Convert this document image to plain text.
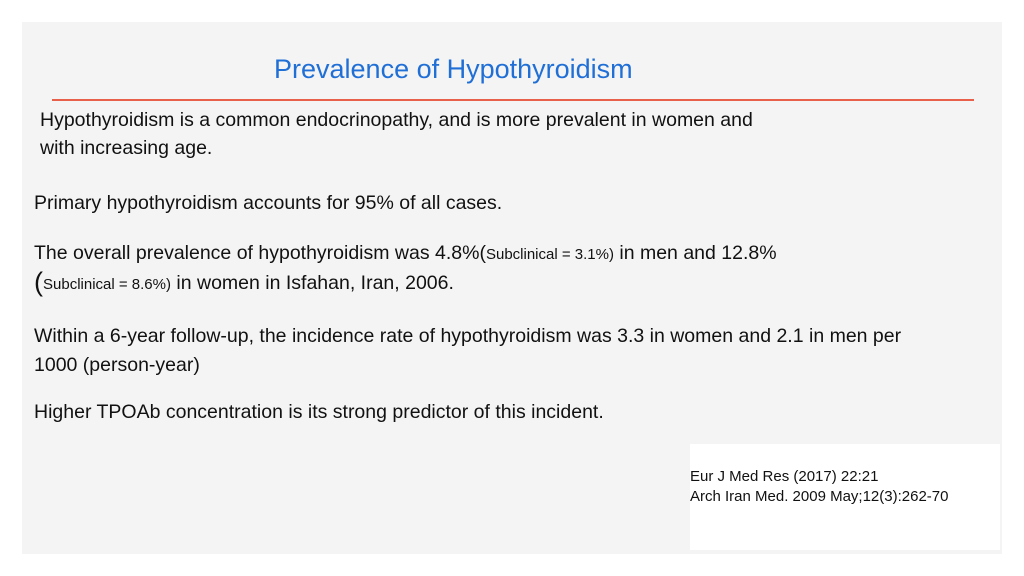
Prevalence of Hypothyroidism
Hypothyroidism is a common endocrinopathy, and is more prevalent in women and
with increasing age.
Primary hypothyroidism accounts for 95% of all cases.
The overall prevalence of hypothyroidism was 4.8%(Subclinical = 3.1%) in men and 12.8%
(Subclinical = 8.6%) in women in Isfahan, Iran, 2006.
Within a 6-year follow-up, the incidence rate of hypothyroidism was 3.3 in women and 2.1 in men per
1000 (person-year)
Higher TPOAb concentration is its strong predictor of this incident.
Eur J Med Res (2017) 22:21
Arch Iran Med. 2009 May;12(3):262-70
